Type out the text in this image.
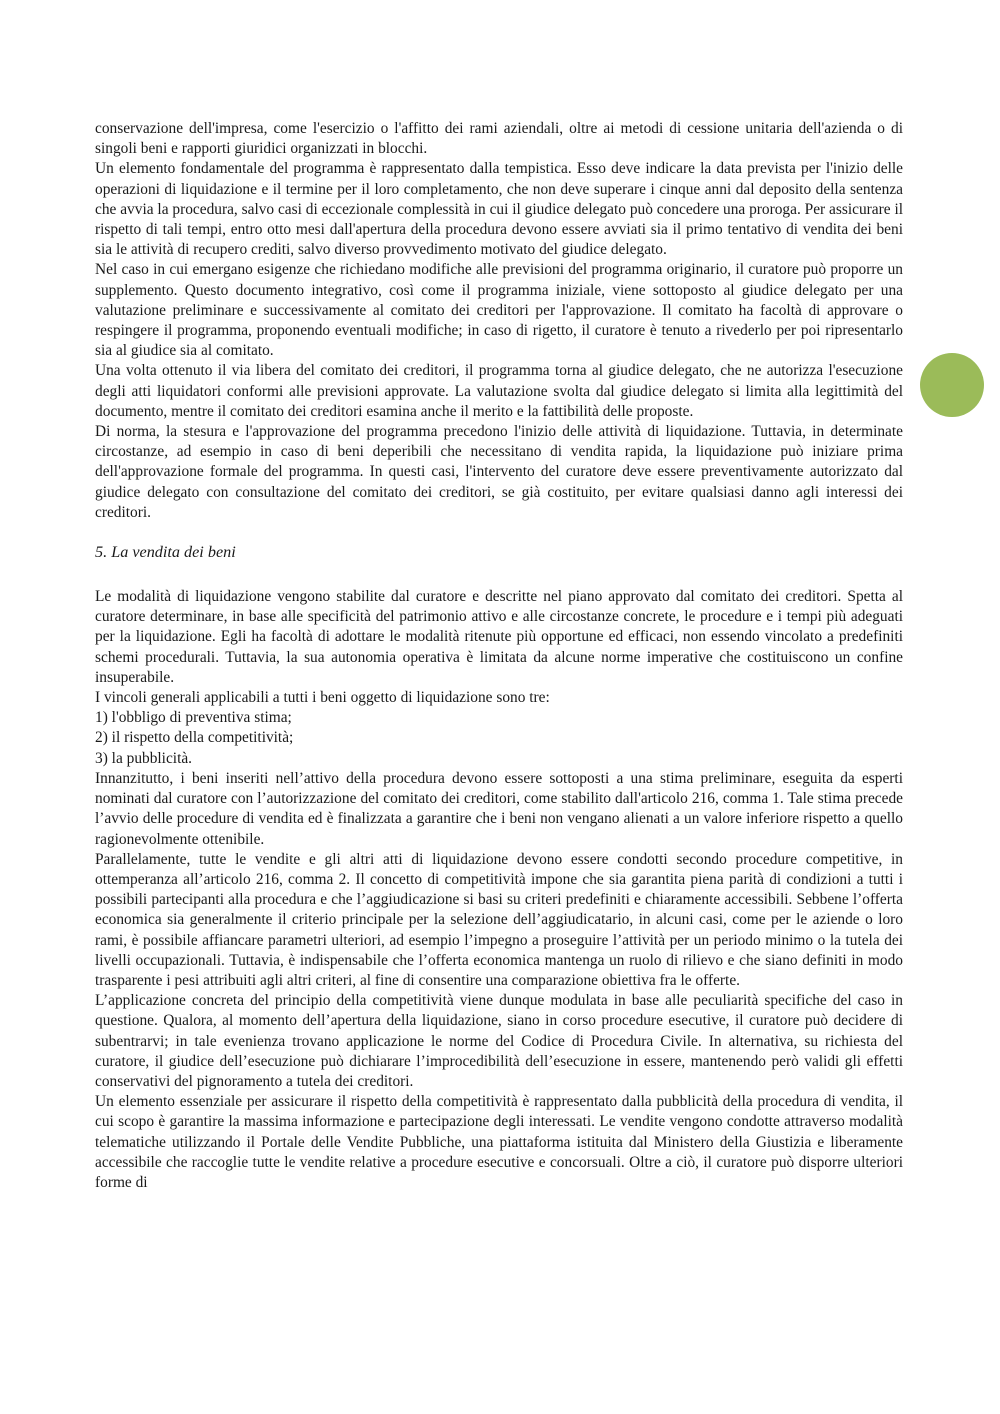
conservazione dell'impresa, come l'esercizio o l'affitto dei rami aziendali, oltre ai metodi di cessione unitaria dell'azienda o di singoli beni e rapporti giuridici organizzati in blocchi.

Un elemento fondamentale del programma è rappresentato dalla tempistica. Esso deve indicare la data prevista per l'inizio delle operazioni di liquidazione e il termine per il loro completamento, che non deve superare i cinque anni dal deposito della sentenza che avvia la procedura, salvo casi di eccezionale complessità in cui il giudice delegato può concedere una proroga. Per assicurare il rispetto di tali tempi, entro otto mesi dall'apertura della procedura devono essere avviati sia il primo tentativo di vendita dei beni sia le attività di recupero crediti, salvo diverso provvedimento motivato del giudice delegato.

Nel caso in cui emergano esigenze che richiedano modifiche alle previsioni del programma originario, il curatore può proporre un supplemento. Questo documento integrativo, così come il programma iniziale, viene sottoposto al giudice delegato per una valutazione preliminare e successivamente al comitato dei creditori per l'approvazione. Il comitato ha facoltà di approvare o respingere il programma, proponendo eventuali modifiche; in caso di rigetto, il curatore è tenuto a rivederlo per poi ripresentarlo sia al giudice sia al comitato.

Una volta ottenuto il via libera del comitato dei creditori, il programma torna al giudice delegato, che ne autorizza l'esecuzione degli atti liquidatori conformi alle previsioni approvate. La valutazione svolta dal giudice delegato si limita alla legittimità del documento, mentre il comitato dei creditori esamina anche il merito e la fattibilità delle proposte.

Di norma, la stesura e l'approvazione del programma precedono l'inizio delle attività di liquidazione. Tuttavia, in determinate circostanze, ad esempio in caso di beni deperibili che necessitano di vendita rapida, la liquidazione può iniziare prima dell'approvazione formale del programma. In questi casi, l'intervento del curatore deve essere preventivamente autorizzato dal giudice delegato con consultazione del comitato dei creditori, se già costituito, per evitare qualsiasi danno agli interessi dei creditori.

5. La vendita dei beni

Le modalità di liquidazione vengono stabilite dal curatore e descritte nel piano approvato dal comitato dei creditori. Spetta al curatore determinare, in base alle specificità del patrimonio attivo e alle circostanze concrete, le procedure e i tempi più adeguati per la liquidazione. Egli ha facoltà di adottare le modalità ritenute più opportune ed efficaci, non essendo vincolato a predefiniti schemi procedurali. Tuttavia, la sua autonomia operativa è limitata da alcune norme imperative che costituiscono un confine insuperabile.

I vincoli generali applicabili a tutti i beni oggetto di liquidazione sono tre:

1) l'obbligo di preventiva stima;

2) il rispetto della competitività;

3) la pubblicità.

Innanzitutto, i beni inseriti nell’attivo della procedura devono essere sottoposti a una stima preliminare, eseguita da esperti nominati dal curatore con l’autorizzazione del comitato dei creditori, come stabilito dall'articolo 216, comma 1. Tale stima precede l’avvio delle procedure di vendita ed è finalizzata a garantire che i beni non vengano alienati a un valore inferiore rispetto a quello ragionevolmente ottenibile.

Parallelamente, tutte le vendite e gli altri atti di liquidazione devono essere condotti secondo procedure competitive, in ottemperanza all’articolo 216, comma 2. Il concetto di competitività impone che sia garantita piena parità di condizioni a tutti i possibili partecipanti alla procedura e che l’aggiudicazione si basi su criteri predefiniti e chiaramente accessibili. Sebbene l’offerta economica sia generalmente il criterio principale per la selezione dell’aggiudicatario, in alcuni casi, come per le aziende o loro rami, è possibile affiancare parametri ulteriori, ad esempio l’impegno a proseguire l’attività per un periodo minimo o la tutela dei livelli occupazionali. Tuttavia, è indispensabile che l’offerta economica mantenga un ruolo di rilievo e che siano definiti in modo trasparente i pesi attribuiti agli altri criteri, al fine di consentire una comparazione obiettiva fra le offerte.

L’applicazione concreta del principio della competitività viene dunque modulata in base alle peculiarità specifiche del caso in questione. Qualora, al momento dell’apertura della liquidazione, siano in corso procedure esecutive, il curatore può decidere di subentrarvi; in tale evenienza trovano applicazione le norme del Codice di Procedura Civile. In alternativa, su richiesta del curatore, il giudice dell’esecuzione può dichiarare l’improcedibilità dell’esecuzione in essere, mantenendo però validi gli effetti conservativi del pignoramento a tutela dei creditori.

Un elemento essenziale per assicurare il rispetto della competitività è rappresentato dalla pubblicità della procedura di vendita, il cui scopo è garantire la massima informazione e partecipazione degli interessati. Le vendite vengono condotte attraverso modalità telematiche utilizzando il Portale delle Vendite Pubbliche, una piattaforma istituita dal Ministero della Giustizia e liberamente accessibile che raccoglie tutte le vendite relative a procedure esecutive e concorsuali. Oltre a ciò, il curatore può disporre ulteriori forme di
